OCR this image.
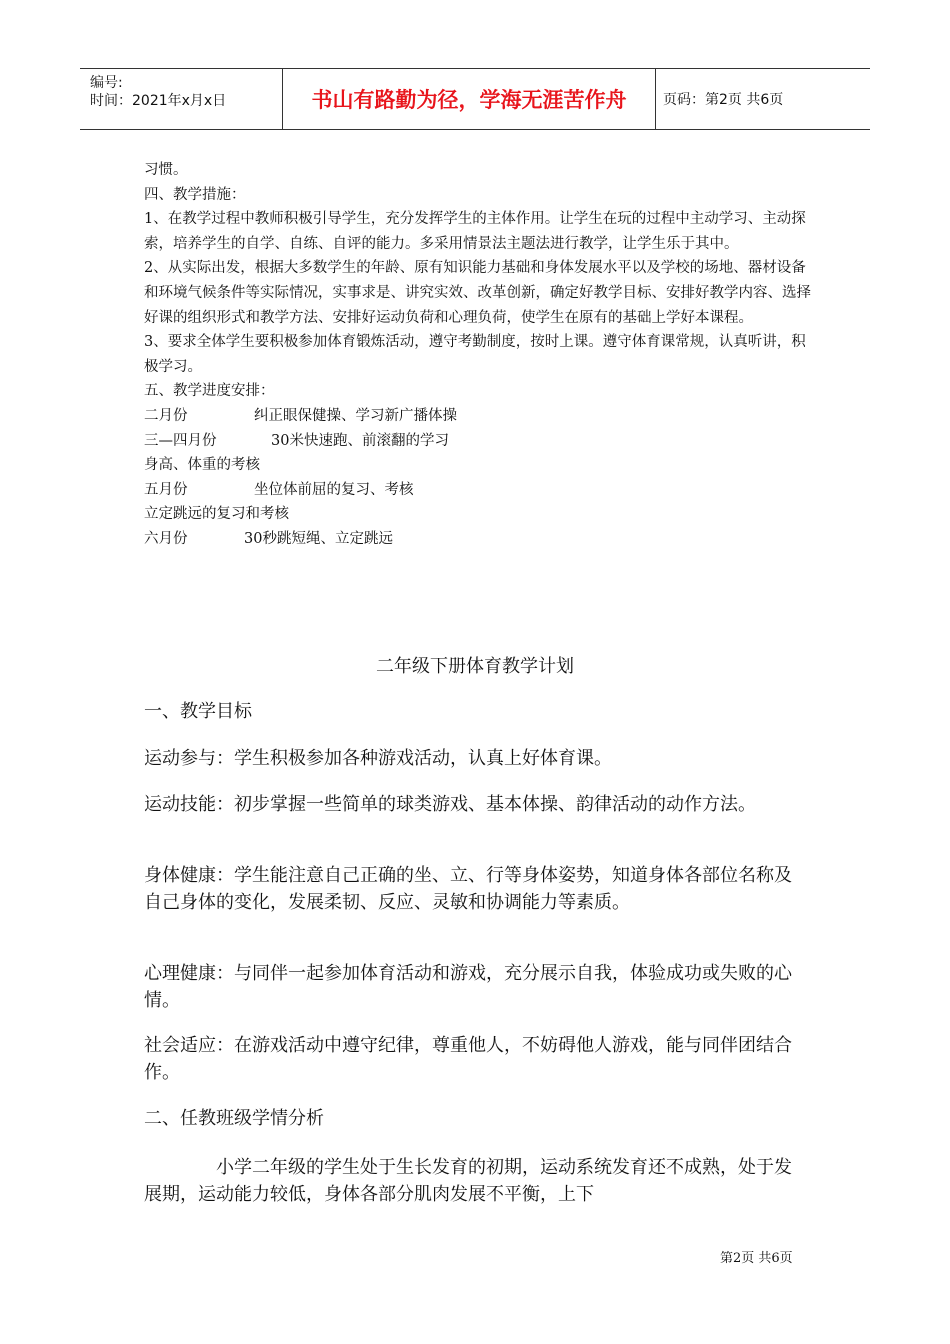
编号:
时间：2021年x月x日	书山有路勤为径，学海无涯苦作舟	页码：第2页 共6页

习惯。

四、教学措施：

1、在教学过程中教师积极引导学生，充分发挥学生的主体作用。让学生在玩的过程中主动学习、主动探索，培养学生的自学、自练、自评的能力。多采用情景法主题法进行教学，让学生乐于其中。

2、从实际出发，根据大多数学生的年龄、原有知识能力基础和身体发展水平以及学校的场地、器材设备和环境气候条件等实际情况，实事求是、讲究实效、改革创新，确定好教学目标、安排好教学内容、选择好课的组织形式和教学方法、安排好运动负荷和心理负荷，使学生在原有的基础上学好本课程。

3、要求全体学生要积极参加体育锻炼活动，遵守考勤制度，按时上课。遵守体育课常规，认真听讲，积极学习。

五、教学进度安排：

二月份	纠正眼保健操、学习新广播体操

三—四月份	30米快速跑、前滚翻的学习

身高、体重的考核

五月份	坐位体前屈的复习、考核

立定跳远的复习和考核

六月份	30秒跳短绳、立定跳远

二年级下册体育教学计划
一、教学目标
运动参与：学生积极参加各种游戏活动，认真上好体育课。
运动技能：初步掌握一些简单的球类游戏、基本体操、韵律活动的动作方法。
身体健康：学生能注意自己正确的坐、立、行等身体姿势，知道身体各部位名称及自己身体的变化，发展柔韧、反应、灵敏和协调能力等素质。
心理健康：与同伴一起参加体育活动和游戏，充分展示自我，体验成功或失败的心情。
社会适应：在游戏活动中遵守纪律，尊重他人，不妨碍他人游戏，能与同伴团结合作。
二、任教班级学情分析
小学二年级的学生处于生长发育的初期，运动系统发育还不成熟，处于发展期，运动能力较低，身体各部分肌肉发展不平衡，上下
第2页 共6页
